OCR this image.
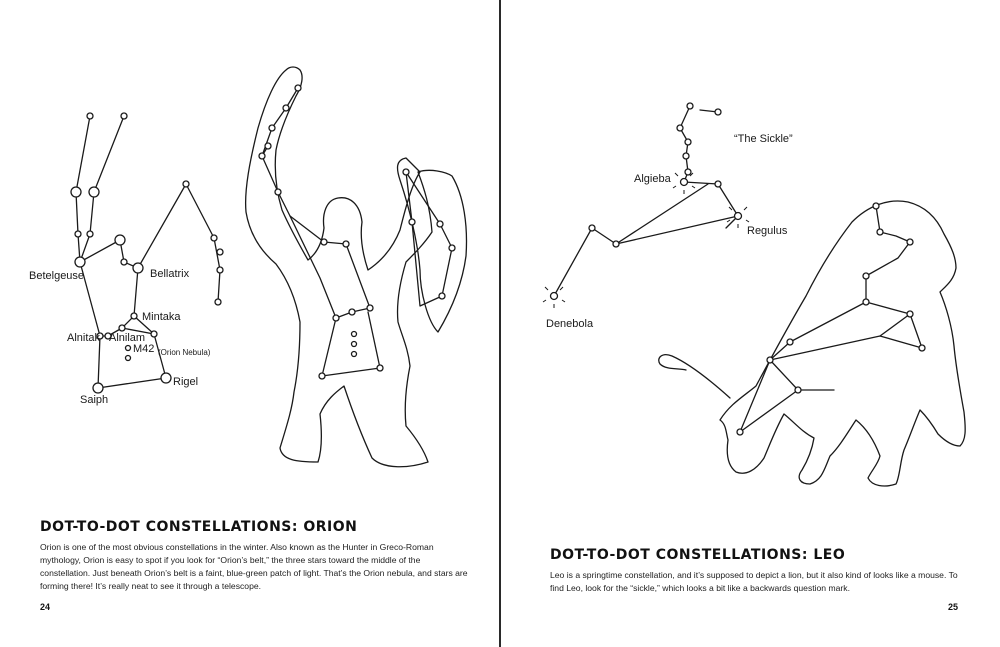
Betelgeuse	Bellatrix
Mintaka
Alnitak Alnilam
M42 (Orion Nebula)
Saiph
Rigel
DOT-TO-DOT CONSTELLATIONS: ORION
Orion is one of the most obvious constellations in the winter. Also known as the Hunter in Greco-Roman mythology, Orion is easy to spot if you look for “Orion’s belt,” the three stars toward the middle of the constellation. Just beneath Orion’s belt is a faint, blue-green patch of light. That’s the Orion nebula, and stars are forming there! It’s really neat to see it through a telescope.
24
“The Sickle”
Algieba
Regulus
Denebola
DOT-TO-DOT CONSTELLATIONS: LEO
Leo is a springtime constellation, and it’s supposed to depict a lion, but it also kind of looks like a mouse. To find Leo, look for the “sickle,” which looks a bit like a backwards question mark.
25
